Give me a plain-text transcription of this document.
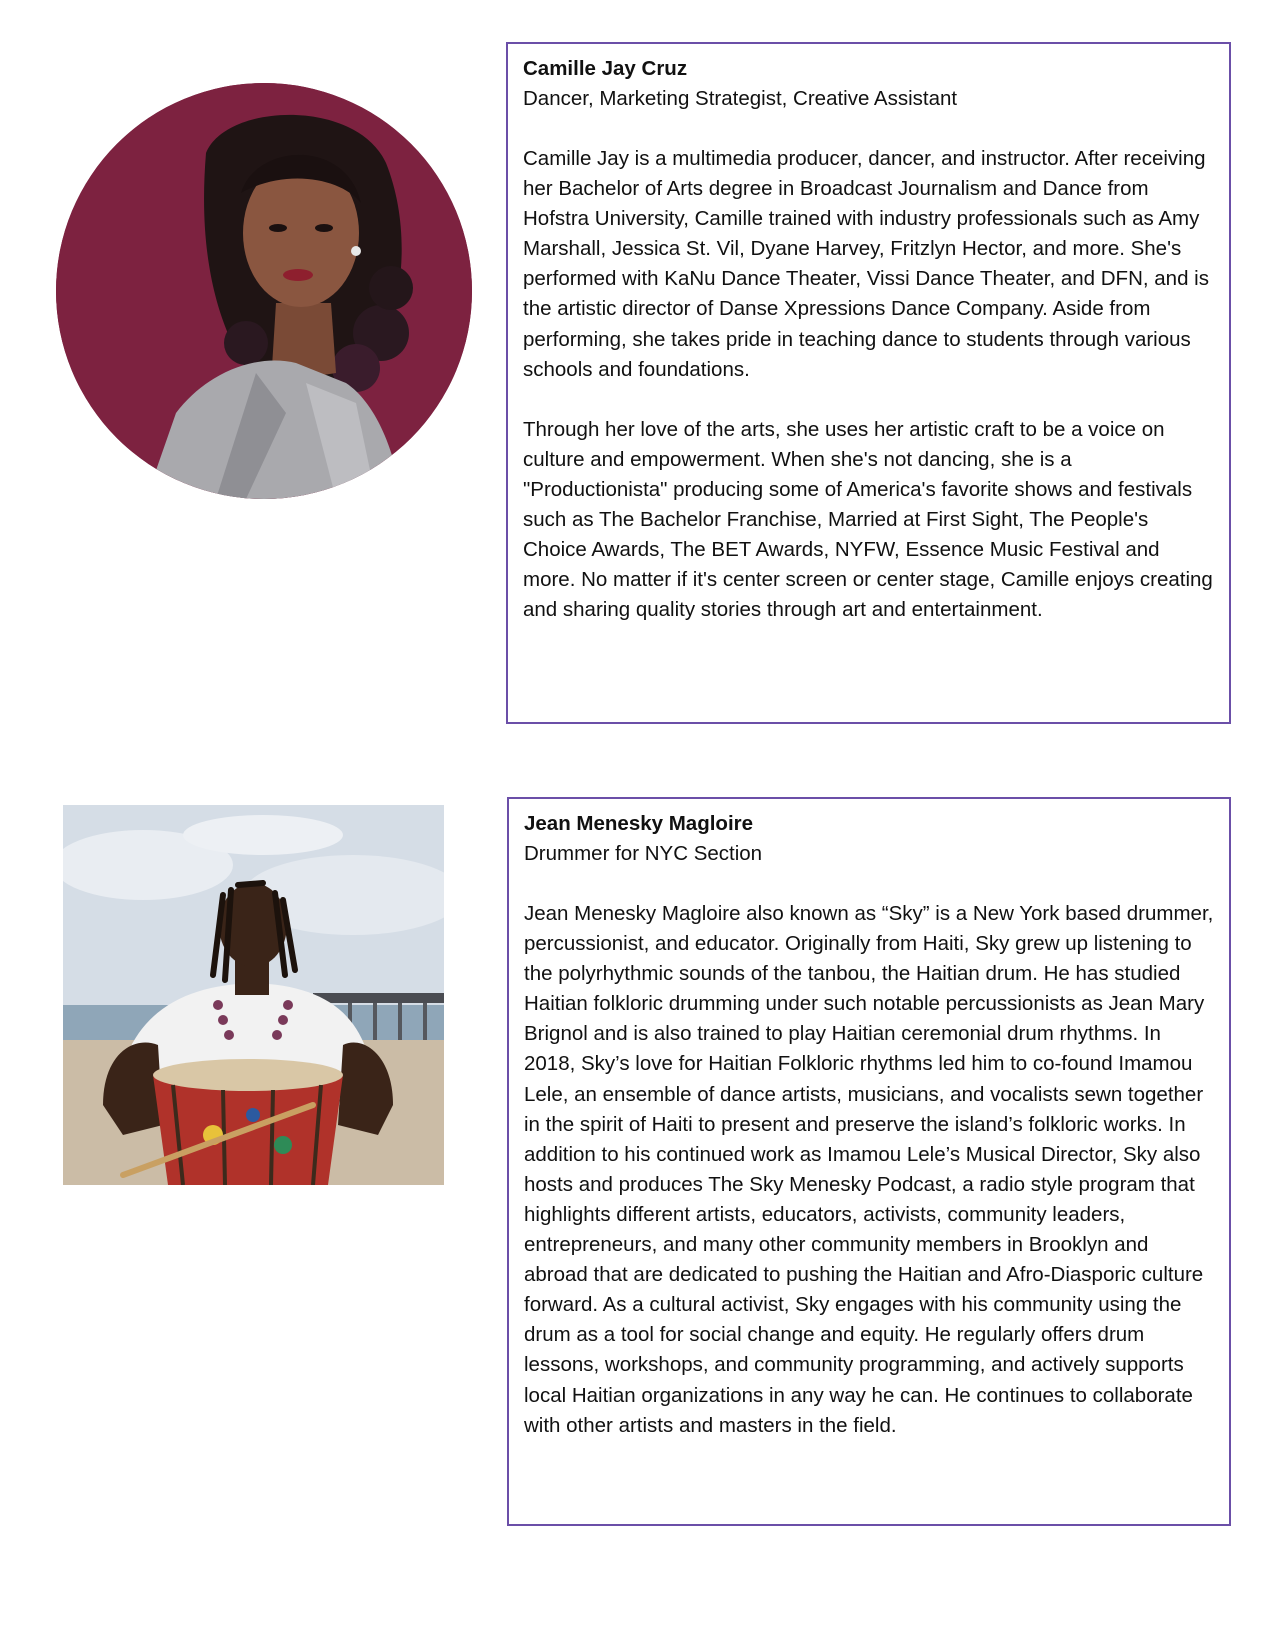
Camille Jay Cruz

Dancer, Marketing Strategist, Creative Assistant

Camille Jay is a multimedia producer, dancer, and instructor. After receiving her Bachelor of Arts degree in Broadcast Journalism and Dance from Hofstra University, Camille trained with industry professionals such as Amy Marshall, Jessica St. Vil, Dyane Harvey, Fritzlyn Hector, and more. She's performed with KaNu Dance Theater, Vissi Dance Theater, and DFN, and is the artistic director of Danse Xpressions Dance Company. Aside from performing, she takes pride in teaching dance to students through various schools and foundations.

Through her love of the arts, she uses her artistic craft to be a voice on culture and empowerment. When she's not dancing, she is a "Productionista" producing some of America's favorite shows and festivals such as The Bachelor Franchise, Married at First Sight, The People's Choice Awards, The BET Awards, NYFW, Essence Music Festival and more. No matter if it's center screen or center stage, Camille enjoys creating and sharing quality stories through art and entertainment.

Jean Menesky Magloire

Drummer for NYC Section

Jean Menesky Magloire also known as “Sky” is a New York based drummer, percussionist, and educator. Originally from Haiti, Sky grew up listening to the polyrhythmic sounds of the tanbou, the Haitian drum. He has studied Haitian folkloric drumming under such notable percussionists as Jean Mary Brignol and is also trained to play Haitian ceremonial drum rhythms. In 2018, Sky’s love for Haitian Folkloric rhythms led him to co-found Imamou Lele, an ensemble of dance artists, musicians, and vocalists sewn together in the spirit of Haiti to present and preserve the island’s folkloric works. In addition to his continued work as Imamou Lele’s Musical Director, Sky also hosts and produces The Sky Menesky Podcast, a radio style program that highlights different artists, educators, activists, community leaders, entrepreneurs, and many other community members in Brooklyn and abroad that are dedicated to pushing the Haitian and Afro-Diasporic culture forward. As a cultural activist, Sky engages with his community using the drum as a tool for social change and equity. He regularly offers drum lessons, workshops, and community programming, and actively supports local Haitian organizations in any way he can. He continues to collaborate with other artists and masters in the field.
